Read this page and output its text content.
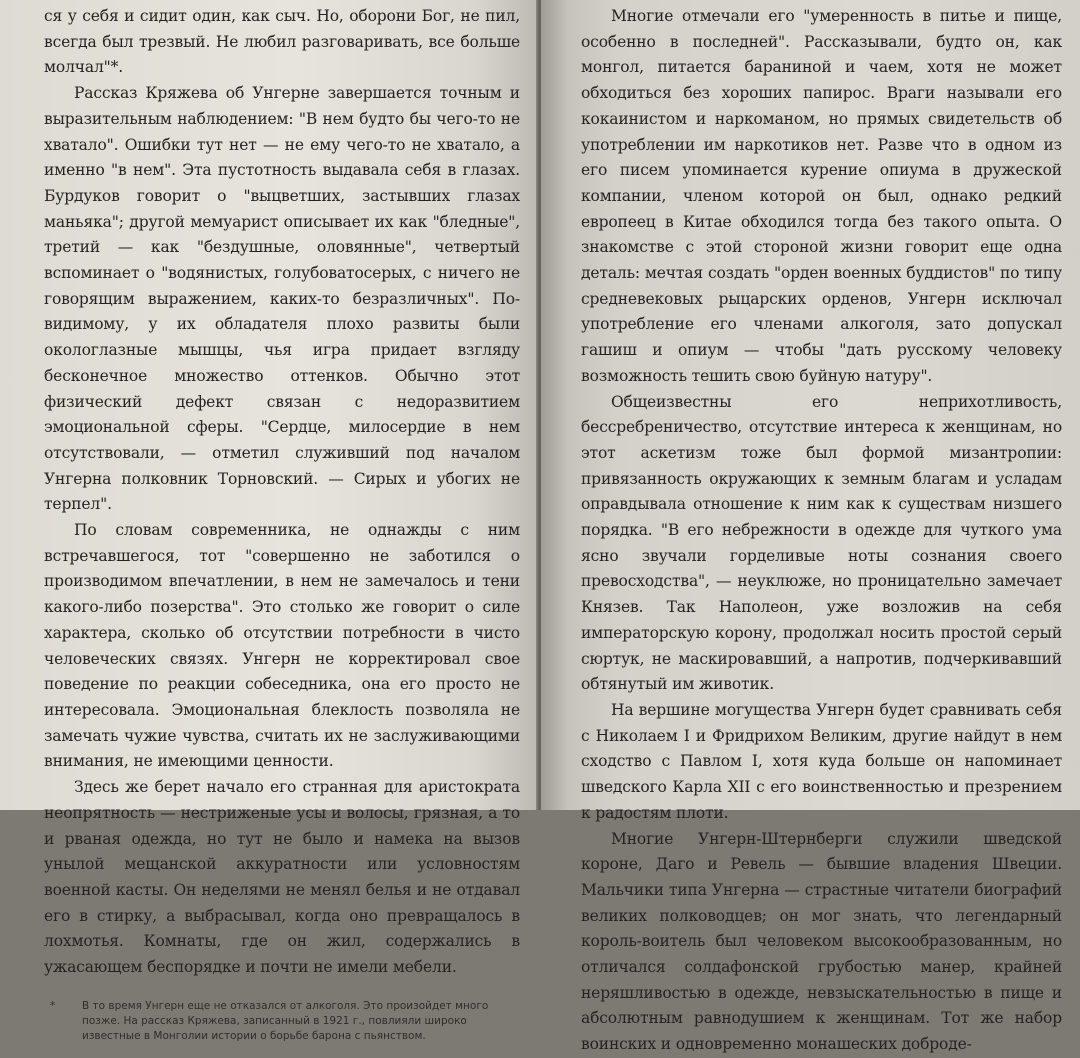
ся у себя и сидит один, как сыч. Но, оборони Бог, не пил, всегда был трезвый. Не любил разговаривать, все больше молчал"*.

Рассказ Кряжева об Унгерне завершается точным и выразительным наблюдением: "В нем будто бы чего-то не хватало". Ошибки тут нет — не ему чего-то не хватало, а именно "в нем". Эта пустотность выдавала себя в глазах. Бурдуков говорит о "выцветших, застывших глазах маньяка"; другой мемуарист описывает их как "бледные", третий — как "бездушные, оловянные", четвертый вспоминает о "водянистых, голубоватосерых, с ничего не говорящим выражением, каких-то безразличных". По-видимому, у их обладателя плохо развиты были окологлазные мышцы, чья игра придает взгляду бесконечное множество оттенков. Обычно этот физический дефект связан с недоразвитием эмоциональной сферы. "Сердце, милосердие в нем отсутствовали, — отметил служивший под началом Унгерна полковник Торновский. — Сирых и убогих не терпел".

По словам современника, не однажды с ним встречавшегося, тот "совершенно не заботился о производимом впечатлении, в нем не замечалось и тени какого-либо позерства". Это столько же говорит о силе характера, сколько об отсутствии потребности в чисто человеческих связях. Унгерн не корректировал свое поведение по реакции собеседника, она его просто не интересовала. Эмоциональная блеклость позволяла не замечать чужие чувства, считать их не заслуживающими внимания, не имеющими ценности.

Здесь же берет начало его странная для аристократа неопрятность — нестриженые усы и волосы, грязная, а то и рваная одежда, но тут не было и намека на вызов унылой мещанской аккуратности или условностям военной касты. Он неделями не менял белья и не отдавал его в стирку, а выбрасывал, когда оно превращалось в лохмотья. Комнаты, где он жил, содержались в ужасающем беспорядке и почти не имели мебели.

*	В то время Унгерн еще не отказался от алкоголя. Это произойдет много позже. На рассказ Кряжева, записанный в 1921 г., повлияли широко известные в Монголии истории о борьбе барона с пьянством.

Многие отмечали его "умеренность в питье и пище, особенно в последней". Рассказывали, будто он, как монгол, питается бараниной и чаем, хотя не может обходиться без хороших папирос. Враги называли его кокаинистом и наркоманом, но прямых свидетельств об употреблении им наркотиков нет. Разве что в одном из его писем упоминается курение опиума в дружеской компании, членом которой он был, однако редкий европеец в Китае обходился тогда без такого опыта. О знакомстве с этой стороной жизни говорит еще одна деталь: мечтая создать "орден военных буддистов" по типу средневековых рыцарских орденов, Унгерн исключал употребление его членами алкоголя, зато допускал гашиш и опиум — чтобы "дать русскому человеку возможность тешить свою буйную натуру".

Общеизвестны его неприхотливость, бессребреничество, отсутствие интереса к женщинам, но этот аскетизм тоже был формой мизантропии: привязанность окружающих к земным благам и усладам оправдывала отношение к ним как к существам низшего порядка. "В его небрежности в одежде для чуткого ума ясно звучали горделивые ноты сознания своего превосходства", — неуклюже, но проницательно замечает Князев. Так Наполеон, уже возложив на себя императорскую корону, продолжал носить простой серый сюртук, не маскировавший, а напротив, подчеркивавший обтянутый им животик.

На вершине могущества Унгерн будет сравнивать себя с Николаем I и Фридрихом Великим, другие найдут в нем сходство с Павлом I, хотя куда больше он напоминает шведского Карла XII с его воинственностью и презрением к радостям плоти.

Многие Унгерн-Штернберги служили шведской короне, Даго и Ревель — бывшие владения Швеции. Мальчики типа Унгерна — страстные читатели биографий великих полководцев; он мог знать, что легендарный король-воитель был человеком высокообразованным, но отличался солдафонской грубостью манер, крайней неряшливостью в одежде, невзыскательностью в пище и абсолютным равнодушием к женщинам. Тот же набор воинских и одновременно монашеских доброде-
